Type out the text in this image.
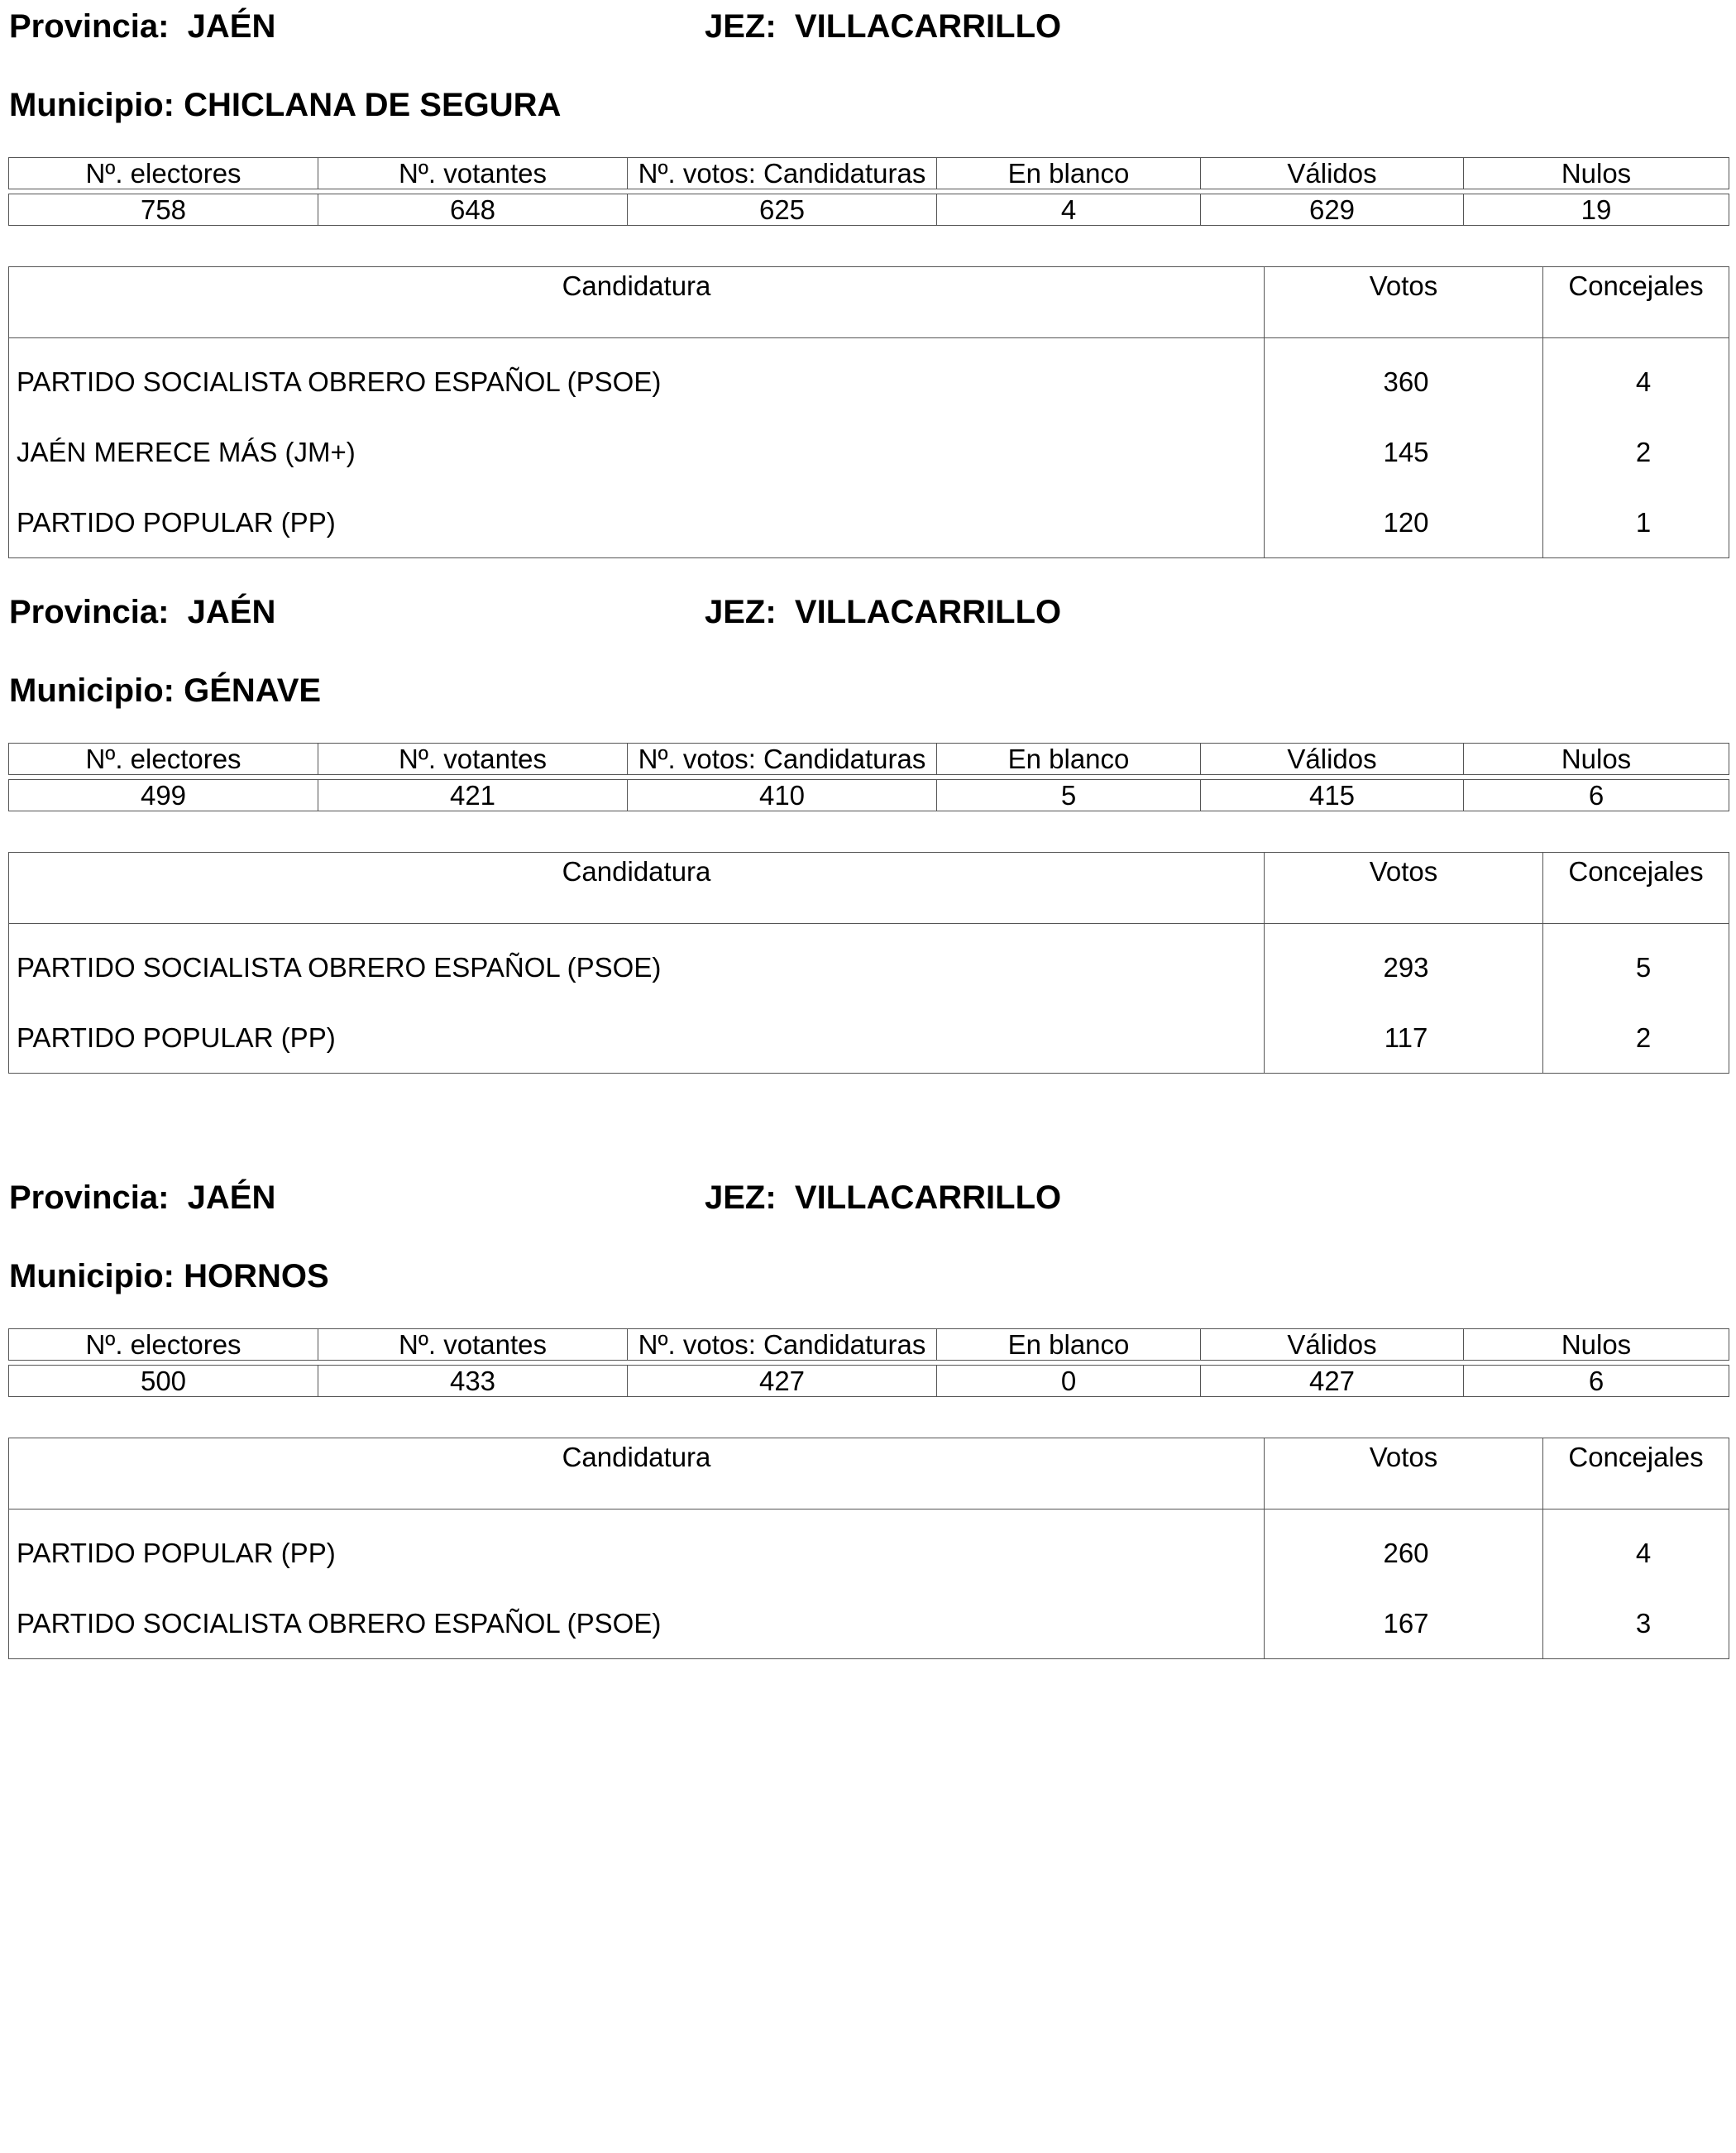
Provincia: JAÉN	JEZ: VILLACARRILLO
Municipio: CHICLANA DE SEGURA
Nº. electores	Nº. votantes	Nº. votos: Candidaturas	En blanco	Válidos	Nulos
758	648	625	4	629	19
Candidatura	Votos	Concejales
PARTIDO SOCIALISTA OBRERO ESPAÑOL (PSOE)	360	4
JAÉN MERECE MÁS (JM+)	145	2
PARTIDO POPULAR (PP)	120	1
Provincia: JAÉN	JEZ: VILLACARRILLO
Municipio: GÉNAVE
Nº. electores	Nº. votantes	Nº. votos: Candidaturas	En blanco	Válidos	Nulos
499	421	410	5	415	6
Candidatura	Votos	Concejales
PARTIDO SOCIALISTA OBRERO ESPAÑOL (PSOE)	293	5
PARTIDO POPULAR (PP)	117	2
Provincia: JAÉN	JEZ: VILLACARRILLO
Municipio: HORNOS
Nº. electores	Nº. votantes	Nº. votos: Candidaturas	En blanco	Válidos	Nulos
500	433	427	0	427	6
Candidatura	Votos	Concejales
PARTIDO POPULAR (PP)	260	4
PARTIDO SOCIALISTA OBRERO ESPAÑOL (PSOE)	167	3
